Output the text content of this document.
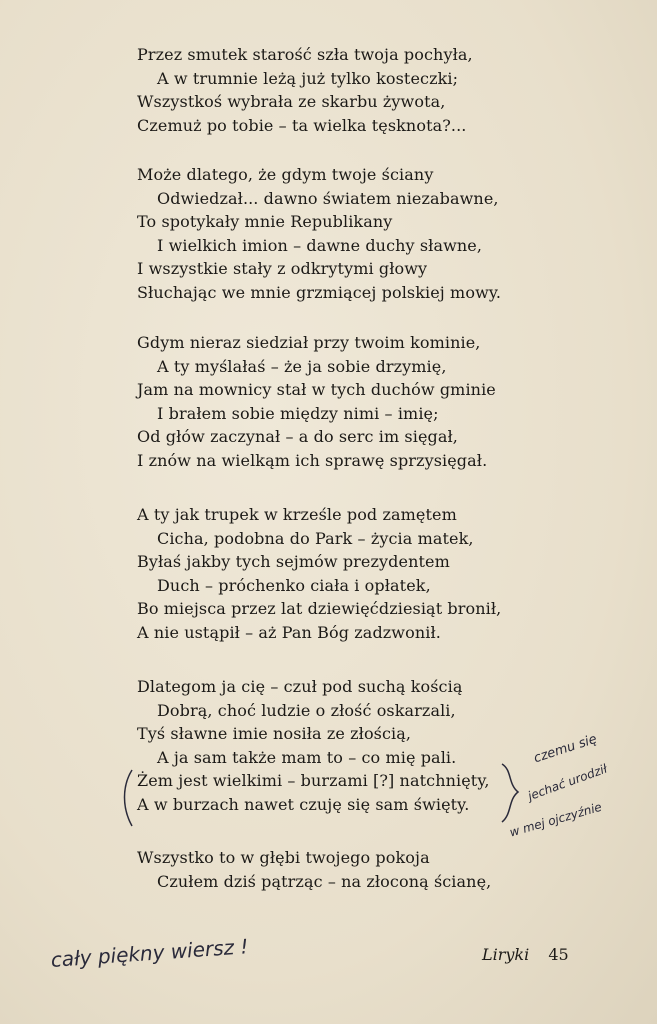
Przez smutek starość szła twoja pochyła,
A w trumnie leżą już tylko kosteczki;
Wszystkoś wybrała ze skarbu żywota,
Czemuż po tobie – ta wielka tęsknota?...
Może dlatego, że gdym twoje ściany
Odwiedzał... dawno światem niezabawne,
To spotykały mnie Republikany
I wielkich imion – dawne duchy sławne,
I wszystkie stały z odkrytymi głowy
Słuchając we mnie grzmiącej polskiej mowy.
Gdym nieraz siedział przy twoim kominie,
A ty myślałaś – że ja sobie drzymię,
Jam na mownicy stał w tych duchów gminie
I brałem sobie między nimi – imię;
Od głów zaczynał – a do serc im sięgał,
I znów na wielkąm ich sprawę sprzysięgał.
A ty jak trupek w krześle pod zamętem
Cicha, podobna do Park – życia matek,
Byłaś jakby tych sejmów prezydentem
Duch – próchenko ciała i opłatek,
Bo miejsca przez lat dziewięćdziesiąt bronił,
A nie ustąpił – aż Pan Bóg zadzwonił.
Dlategom ja cię – czuł pod suchą kością
Dobrą, choć ludzie o złość oskarzali,
Tyś sławne imie nosiła ze złością,
A ja sam także mam to – co mię pali.
Żem jest wielkimi – burzami [?] natchnięty,
A w burzach nawet czuję się sam święty.
Wszystko to w głębi twojego pokoja
Czułem dziś pątrząc – na złoconą ścianę,
czemu się
jechać urodził
w mej ojczyźnie
cały piękny wiersz !	Liryki 45
